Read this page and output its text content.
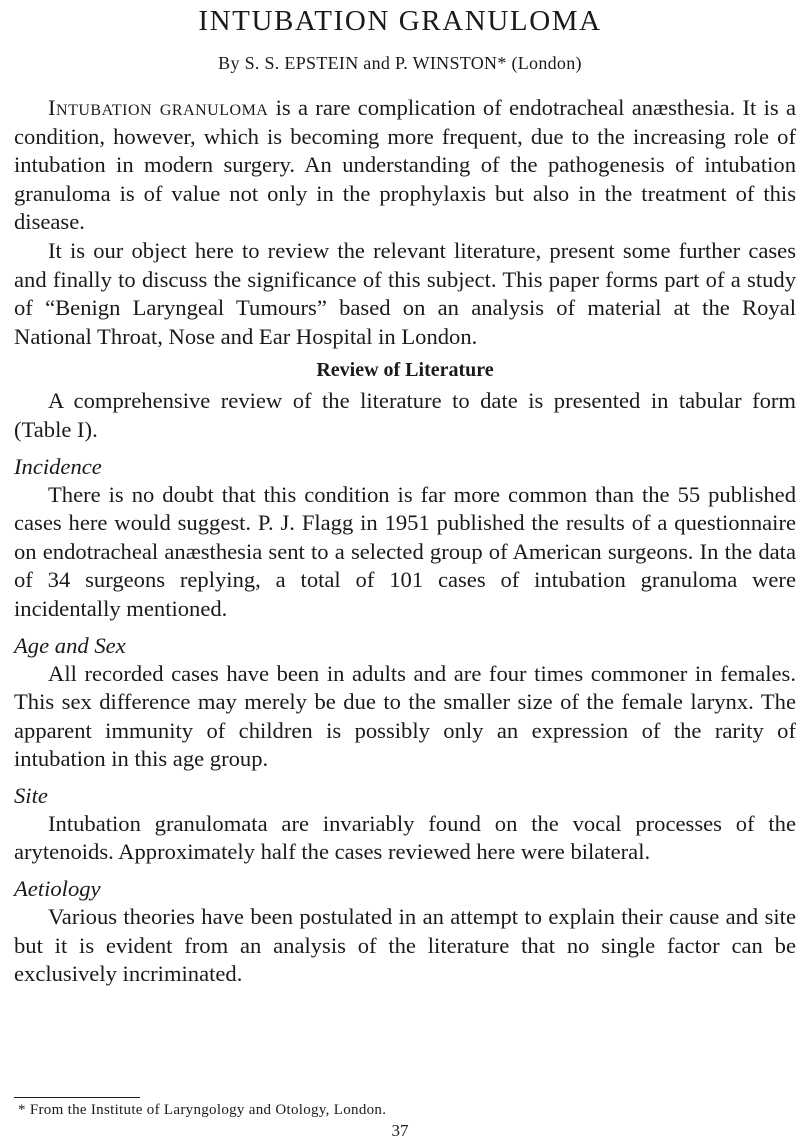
INTUBATION GRANULOMA
By S. S. EPSTEIN and P. WINSTON* (London)

Intubation granuloma is a rare complication of endotracheal anæsthesia. It is a condition, however, which is becoming more frequent, due to the increasing role of intubation in modern surgery. An understanding of the pathogenesis of intubation granuloma is of value not only in the prophylaxis but also in the treatment of this disease.

It is our object here to review the relevant literature, present some further cases and finally to discuss the significance of this subject. This paper forms part of a study of “Benign Laryngeal Tumours” based on an analysis of material at the Royal National Throat, Nose and Ear Hospital in London.

Review of Literature

A comprehensive review of the literature to date is presented in tabular form (Table I).

Incidence

There is no doubt that this condition is far more common than the 55 published cases here would suggest. P. J. Flagg in 1951 published the results of a questionnaire on endotracheal anæsthesia sent to a selected group of American surgeons. In the data of 34 surgeons replying, a total of 101 cases of intubation granuloma were incidentally mentioned.

Age and Sex

All recorded cases have been in adults and are four times commoner in females. This sex difference may merely be due to the smaller size of the female larynx. The apparent immunity of children is possibly only an expression of the rarity of intubation in this age group.

Site

Intubation granulomata are invariably found on the vocal processes of the arytenoids. Approximately half the cases reviewed here were bilateral.

Aetiology

Various theories have been postulated in an attempt to explain their cause and site but it is evident from an analysis of the literature that no single factor can be exclusively incriminated.

* From the Institute of Laryngology and Otology, London.
37
